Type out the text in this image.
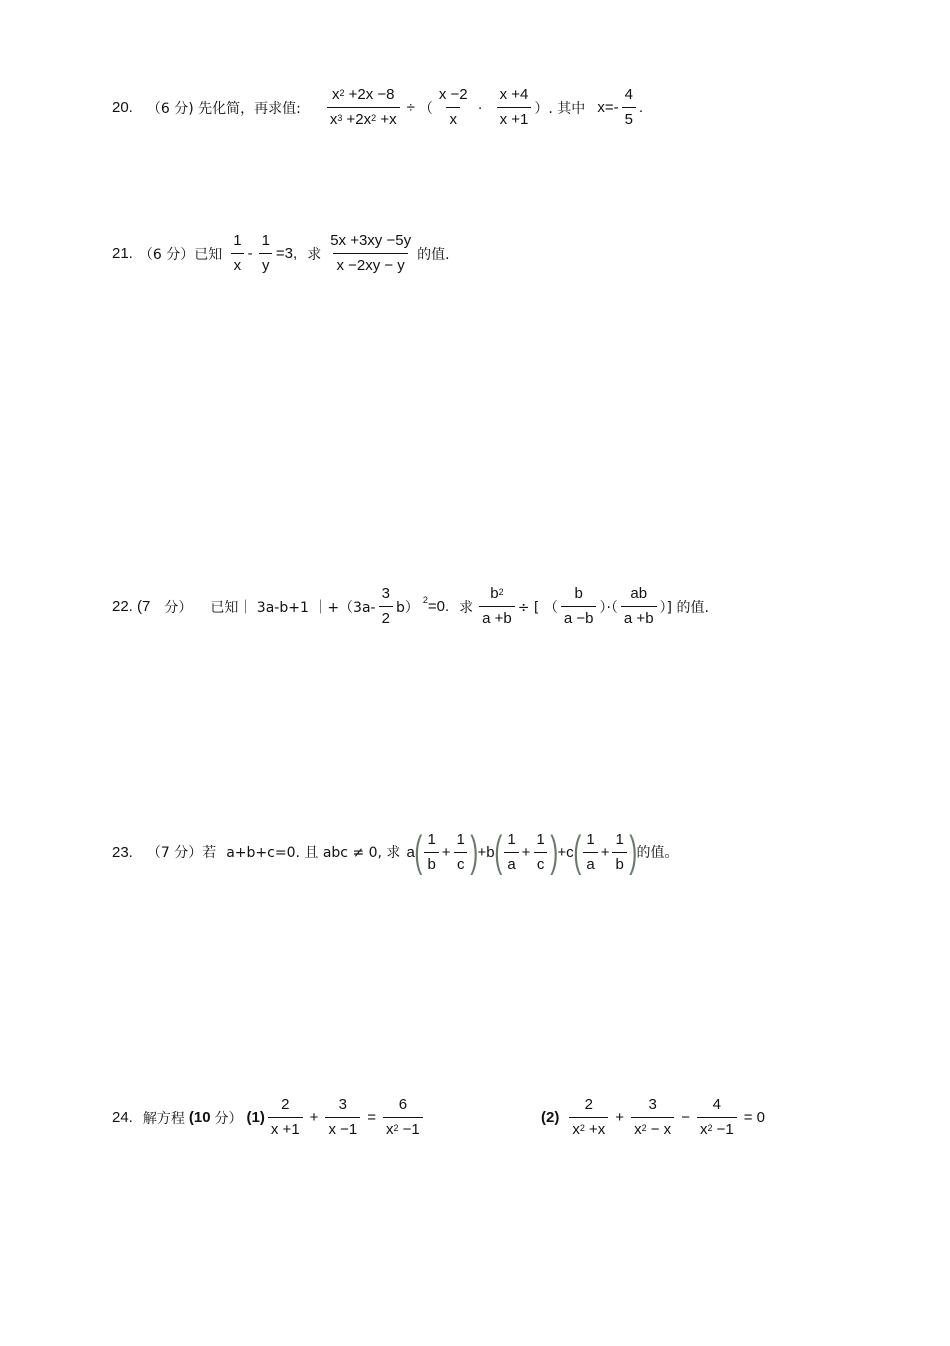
20. （6 分) 先化简，再求值: $\frac{x^2 +2x -8}{x^3 +2x^2 +x}$ ÷ （ $\frac{x -2}{x} \cdot \frac{x +4}{x +1}$ ）. 其中 $x=- \frac{4}{5}$ .
21. （6 分）已知 $\frac{1}{x} - \frac{1}{y} =3$, 求 $\frac{5x +3xy -5y}{x -2xy - y}$ 的值.
22. (7 分） 已知｜ 3a-b+1 ｜+（3a- $\frac{3}{2} b$） 2 =0. 求 $\frac{b^2}{a +b}$ ÷ [ （ $\frac{b}{a -b}$ ）·（ $\frac{ab}{a +b}$ ）] 的值.
23. （7 分）若 a+b+c=0. 且 abc ≠ 0, 求 a ( $\frac{1}{b} + \frac{1}{c}$ ) +b ( $\frac{1}{a} + \frac{1}{c}$ ) +c ( $\frac{1}{a} + \frac{1}{b}$ ) 的值。
24. 解方程 (10 分） $(1) \frac{2}{x +1} + \frac{3}{x -1} = \frac{6}{x^2 -1}$	$(2) \frac{2}{x^2 +x} + \frac{3}{x^2 - x} - \frac{4}{x^2 -1} = 0$
